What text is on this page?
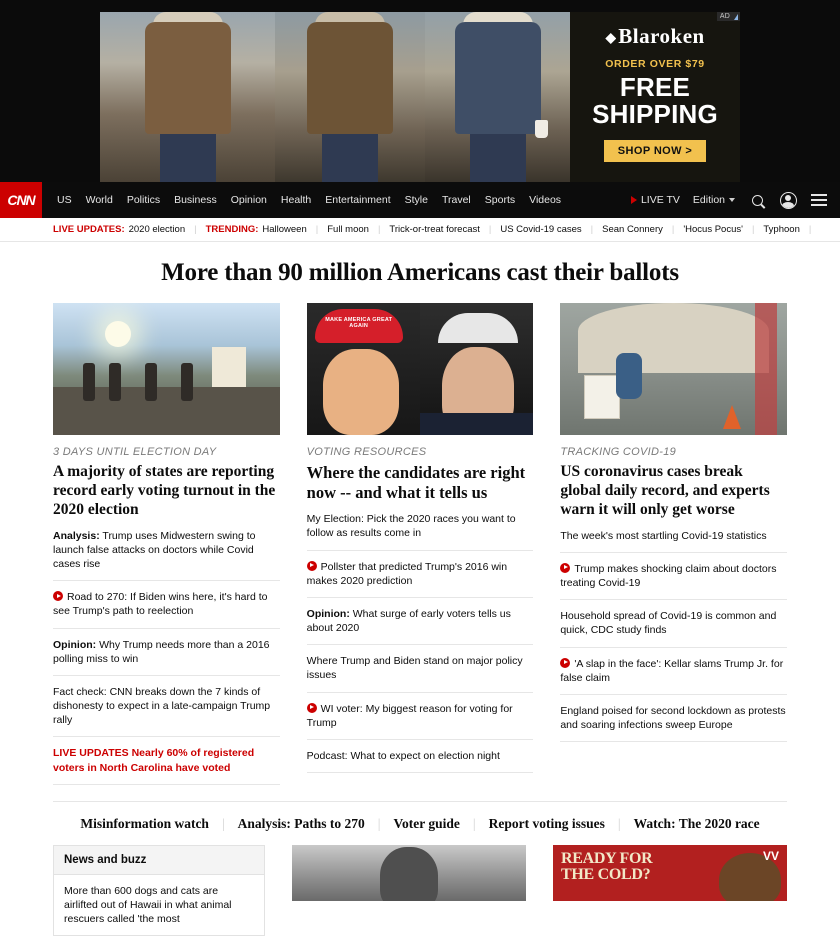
AD
Blaroken
ORDER OVER $79
FREE SHIPPING
SHOP NOW >
CNN	US	World	Politics	Business	Opinion	Health	Entertainment	Style	Travel	Sports	Videos	LIVE TV Edition
LIVE UPDATES: 2020 election | TRENDING: Halloween | Full moon | Trick-or-treat forecast | US Covid-19 cases | Sean Connery | 'Hocus Pocus' | Typhoon |
More than 90 million Americans cast their ballots
3 DAYS UNTIL ELECTION DAY
A majority of states are reporting record early voting turnout in the 2020 election
Analysis: Trump uses Midwestern swing to launch false attacks on doctors while Covid cases rise
Road to 270: If Biden wins here, it's hard to see Trump's path to reelection
Opinion: Why Trump needs more than a 2016 polling miss to win
Fact check: CNN breaks down the 7 kinds of dishonesty to expect in a late-campaign Trump rally
LIVE UPDATES Nearly 60% of registered voters in North Carolina have voted
MAKE AMERICA GREAT AGAIN
VOTING RESOURCES
Where the candidates are right now -- and what it tells us
My Election: Pick the 2020 races you want to follow as results come in
Pollster that predicted Trump's 2016 win makes 2020 prediction
Opinion: What surge of early voters tells us about 2020
Where Trump and Biden stand on major policy issues
WI voter: My biggest reason for voting for Trump
Podcast: What to expect on election night
TRACKING COVID-19
US coronavirus cases break global daily record, and experts warn it will only get worse
The week's most startling Covid-19 statistics
Trump makes shocking claim about doctors treating Covid-19
Household spread of Covid-19 is common and quick, CDC study finds
'A slap in the face': Kellar slams Trump Jr. for false claim
England poised for second lockdown as protests and soaring infections sweep Europe
Misinformation watch | Analysis: Paths to 270 | Voter guide | Report voting issues | Watch: The 2020 race
News and buzz
More than 600 dogs and cats are airlifted out of Hawaii in what animal rescuers called 'the most
READY FOR
THE COLD?
VV
